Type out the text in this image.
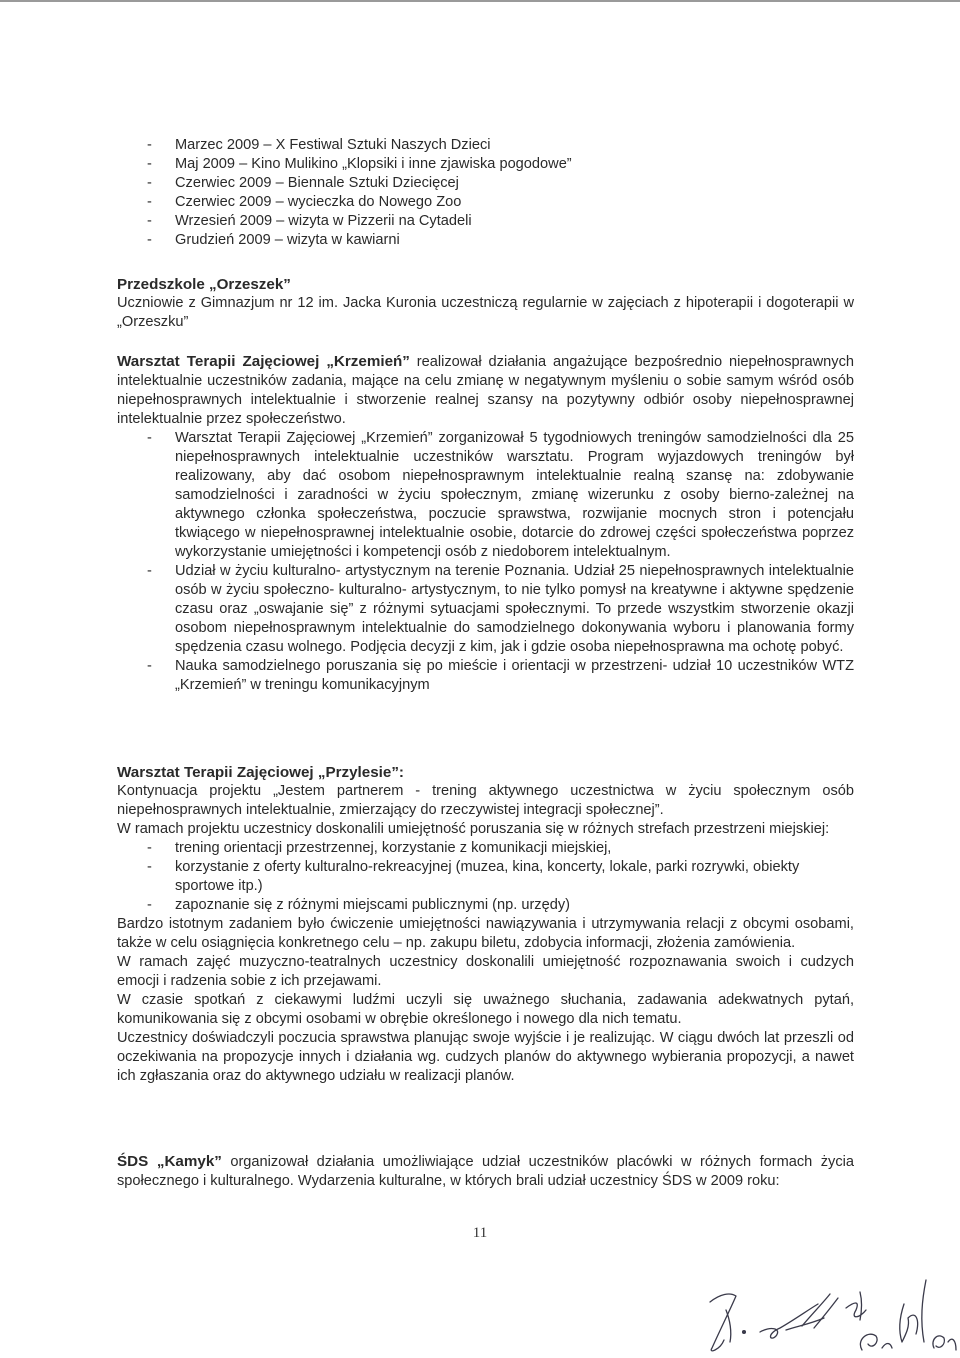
- Marzec 2009 – X Festiwal Sztuki Naszych Dzieci
- Maj 2009 – Kino Mulikino „Klopsiki i inne zjawiska pogodowe”
- Czerwiec 2009 – Biennale Sztuki Dziecięcej
- Czerwiec 2009 – wycieczka do Nowego Zoo
- Wrzesień 2009 – wizyta w Pizzerii na Cytadeli
- Grudzień 2009 – wizyta w kawiarni

Przedszkole „Orzeszek”

Uczniowie z Gimnazjum nr 12 im. Jacka Kuronia uczestniczą regularnie w zajęciach z hipoterapii i dogoterapii w „Orzeszku”

Warsztat Terapii Zajęciowej „Krzemień” realizował działania angażujące bezpośrednio niepełnosprawnych intelektualnie uczestników zadania, mające na celu zmianę w negatywnym myśleniu o sobie samym wśród osób niepełnosprawnych intelektualnie i stworzenie realnej szansy na pozytywny odbiór osoby niepełnosprawnej intelektualnie przez społeczeństwo.

- Warsztat Terapii Zajęciowej „Krzemień” zorganizował 5 tygodniowych treningów samodzielności dla 25 niepełnosprawnych intelektualnie uczestników warsztatu. Program wyjazdowych treningów był realizowany, aby dać osobom niepełnosprawnym intelektualnie realną szansę na: zdobywanie samodzielności i zaradności w życiu społecznym, zmianę wizerunku z osoby bierno-zależnej na aktywnego członka społeczeństwa, poczucie sprawstwa, rozwijanie mocnych stron i potencjału tkwiącego w niepełnosprawnej intelektualnie osobie, dotarcie do zdrowej części społeczeństwa poprzez wykorzystanie umiejętności i kompetencji osób z niedoborem intelektualnym.
- Udział w życiu kulturalno- artystycznym na terenie Poznania. Udział 25 niepełnosprawnych intelektualnie osób w życiu społeczno- kulturalno- artystycznym, to nie tylko pomysł na kreatywne i aktywne spędzenie czasu oraz „oswajanie się” z różnymi sytuacjami społecznymi. To przede wszystkim stworzenie okazji osobom niepełnosprawnym intelektualnie do samodzielnego dokonywania wyboru i planowania formy spędzenia czasu wolnego. Podjęcia decyzji z kim, jak i gdzie osoba niepełnosprawna ma ochotę pobyć.
- Nauka samodzielnego poruszania się po mieście i orientacji w przestrzeni- udział 10 uczestników WTZ „Krzemień” w treningu komunikacyjnym

Warsztat Terapii Zajęciowej „Przylesie”:

Kontynuacja projektu „Jestem partnerem - trening aktywnego uczestnictwa w życiu społecznym osób niepełnosprawnych intelektualnie, zmierzający do rzeczywistej integracji społecznej”.

W ramach projektu uczestnicy doskonalili umiejętność poruszania się w różnych strefach przestrzeni miejskiej:

- trening orientacji przestrzennej, korzystanie z komunikacji miejskiej,
- korzystanie z oferty kulturalno-rekreacyjnej (muzea, kina, koncerty, lokale, parki rozrywki, obiekty sportowe itp.)
- zapoznanie się z różnymi miejscami publicznymi (np. urzędy)

Bardzo istotnym zadaniem było ćwiczenie umiejętności nawiązywania i utrzymywania relacji z obcymi osobami, także w celu osiągnięcia konkretnego celu – np. zakupu biletu, zdobycia informacji, złożenia zamówienia.

W ramach zajęć muzyczno-teatralnych uczestnicy doskonalili umiejętność rozpoznawania swoich i cudzych emocji i radzenia sobie z ich przejawami.

W czasie spotkań z ciekawymi ludźmi uczyli się uważnego słuchania, zadawania adekwatnych pytań, komunikowania się z obcymi osobami w obrębie określonego i nowego dla nich tematu.

Uczestnicy doświadczyli poczucia sprawstwa planując swoje wyjście i je realizując. W ciągu dwóch lat przeszli od oczekiwania na propozycje innych i działania wg. cudzych planów do aktywnego wybierania propozycji, a nawet ich zgłaszania oraz do aktywnego udziału w realizacji planów.

ŚDS „Kamyk” organizował działania umożliwiające udział uczestników placówki w różnych formach życia społecznego i kulturalnego. Wydarzenia kulturalne, w których brali udział uczestnicy ŚDS w 2009 roku:

11
